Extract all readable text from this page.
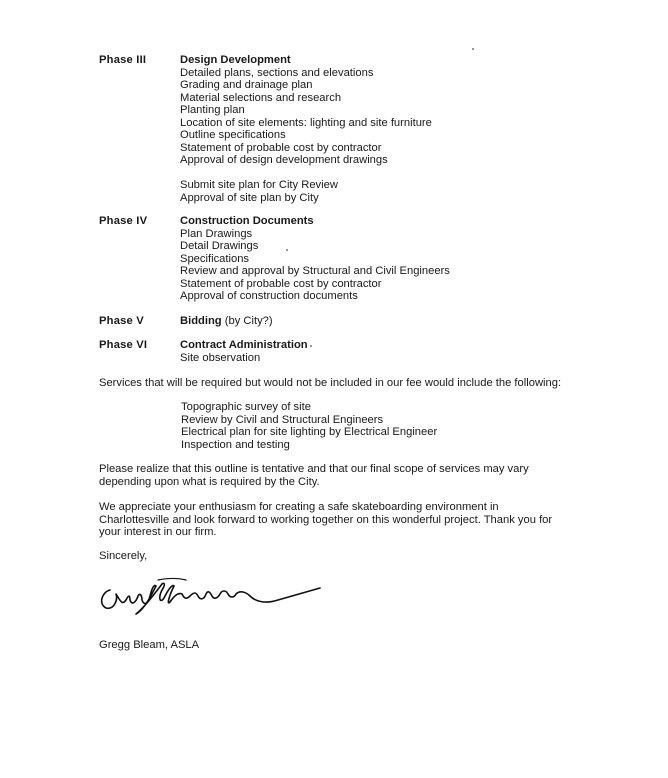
Phase III	Design Development
Detailed plans, sections and elevations
Grading and drainage plan
Material selections and research
Planting plan
Location of site elements: lighting and site furniture
Outline specifications
Statement of probable cost by contractor
Approval of design development drawings
Submit site plan for City Review
Approval of site plan by City
Phase IV	Construction Documents
Plan Drawings
Detail Drawings
Specifications
Review and approval by Structural and Civil Engineers
Statement of probable cost by contractor
Approval of construction documents
Phase V	Bidding (by City?)
Phase VI	Contract Administration
Site observation
Services that will be required but would not be included in our fee would include the following:
Topographic survey of site
Review by Civil and Structural Engineers
Electrical plan for site lighting by Electrical Engineer
Inspection and testing
Please realize that this outline is tentative and that our final scope of services may vary
depending upon what is required by the City.
We appreciate your enthusiasm for creating a safe skateboarding environment in
Charlottesville and look forward to working together on this wonderful project. Thank you for
your interest in our firm.
Sincerely,
Gregg Bleam, ASLA
